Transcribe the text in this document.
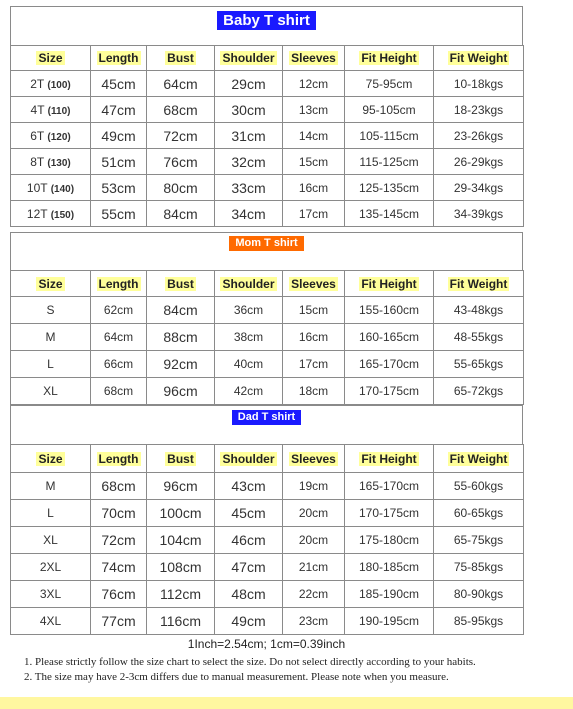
Baby T shirt
Size	Length	Bust	Shoulder	Sleeves	Fit Height	Fit Weight
2T (100)	45cm	64cm	29cm	12cm	75-95cm	10-18kgs
4T (110)	47cm	68cm	30cm	13cm	95-105cm	18-23kgs
6T (120)	49cm	72cm	31cm	14cm	105-115cm	23-26kgs
8T (130)	51cm	76cm	32cm	15cm	115-125cm	26-29kgs
10T (140)	53cm	80cm	33cm	16cm	125-135cm	29-34kgs
12T (150)	55cm	84cm	34cm	17cm	135-145cm	34-39kgs
Mom T shirt
Size	Length	Bust	Shoulder	Sleeves	Fit Height	Fit Weight
S	62cm	84cm	36cm	15cm	155-160cm	43-48kgs
M	64cm	88cm	38cm	16cm	160-165cm	48-55kgs
L	66cm	92cm	40cm	17cm	165-170cm	55-65kgs
XL	68cm	96cm	42cm	18cm	170-175cm	65-72kgs
Dad T shirt
Size	Length	Bust	Shoulder	Sleeves	Fit Height	Fit Weight
M	68cm	96cm	43cm	19cm	165-170cm	55-60kgs
L	70cm	100cm	45cm	20cm	170-175cm	60-65kgs
XL	72cm	104cm	46cm	20cm	175-180cm	65-75kgs
2XL	74cm	108cm	47cm	21cm	180-185cm	75-85kgs
3XL	76cm	112cm	48cm	22cm	185-190cm	80-90kgs
4XL	77cm	116cm	49cm	23cm	190-195cm	85-95kgs
1Inch=2.54cm; 1cm=0.39inch
1. Please strictly follow the size chart to select the size. Do not select directly according to your habits.
2. The size may have 2-3cm differs due to manual measurement. Please note when you measure.
